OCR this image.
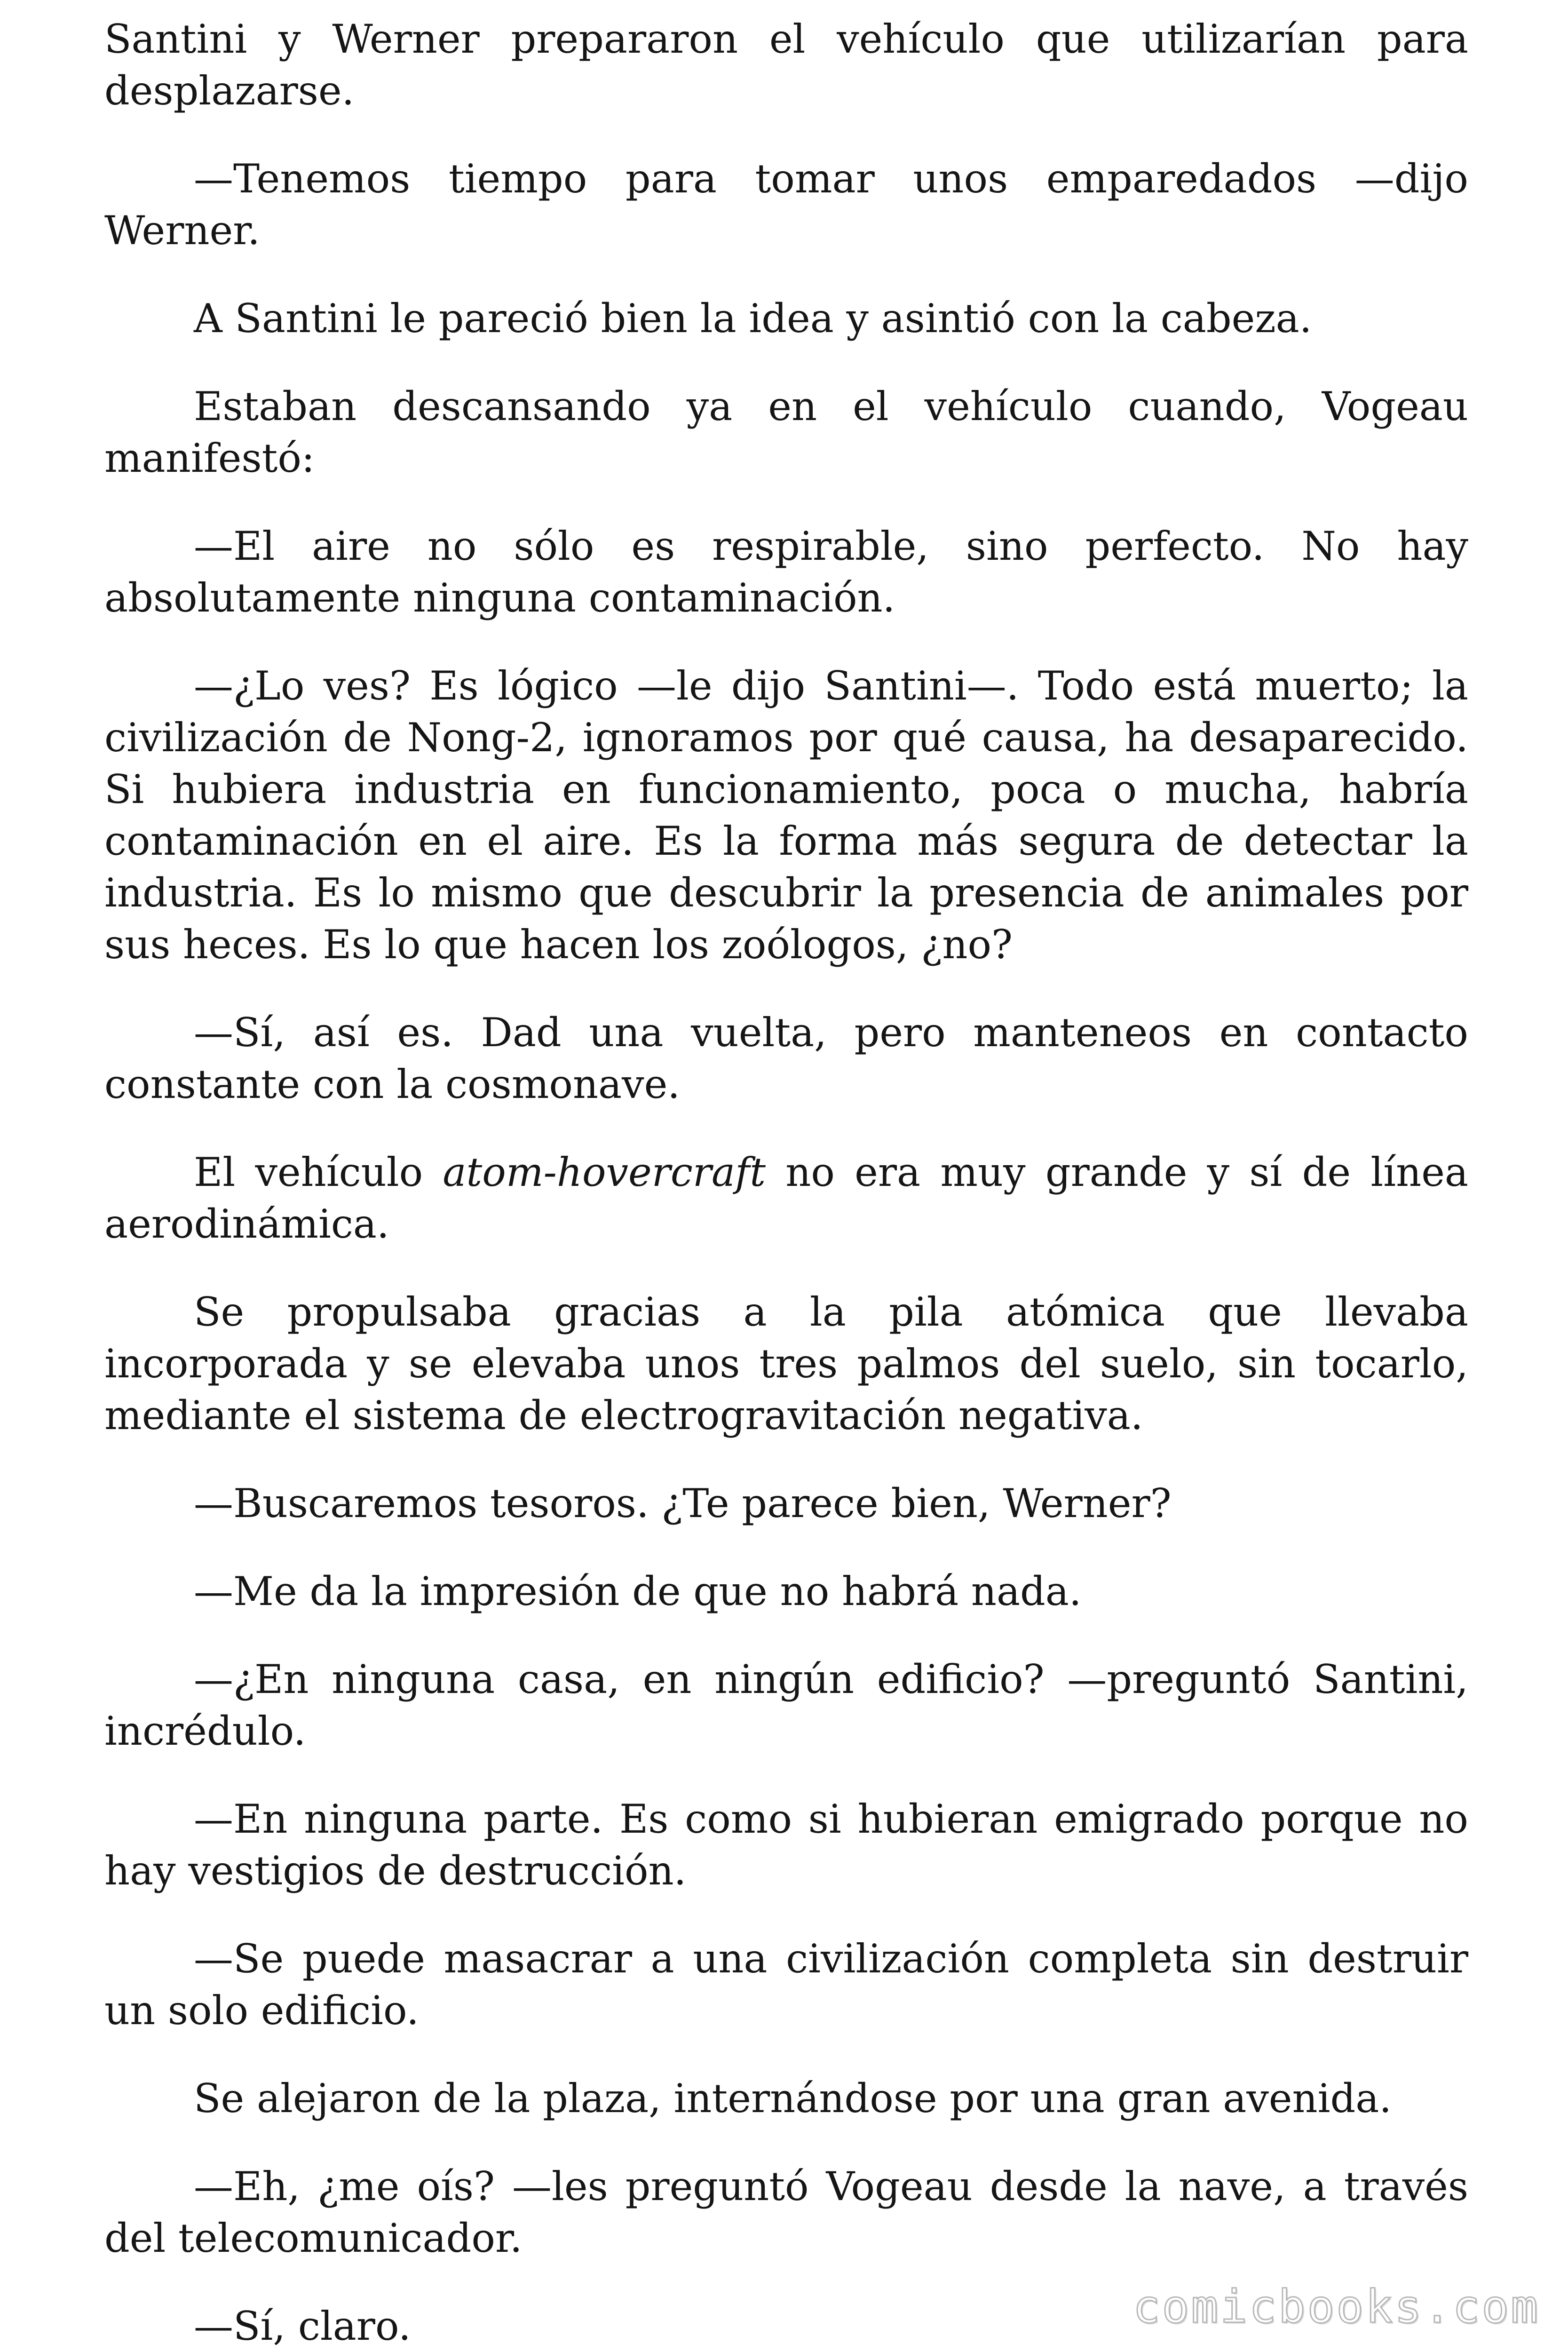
Santini y Werner prepararon el vehículo que utilizarían para desplazarse.

—Tenemos tiempo para tomar unos emparedados —dijo Werner.

A Santini le pareció bien la idea y asintió con la cabeza.

Estaban descansando ya en el vehículo cuando, Vogeau manifestó:

—El aire no sólo es respirable, sino perfecto. No hay absolutamente ninguna contaminación.

—¿Lo ves? Es lógico —le dijo Santini—. Todo está muerto; la civilización de Nong-2, ignoramos por qué causa, ha desaparecido. Si hubiera industria en funcionamiento, poca o mucha, habría contaminación en el aire. Es la forma más segura de detectar la industria. Es lo mismo que descubrir la presencia de animales por sus heces. Es lo que hacen los zoólogos, ¿no?

—Sí, así es. Dad una vuelta, pero manteneos en contacto constante con la cosmonave.

El vehículo atom-hovercraft no era muy grande y sí de línea aerodinámica.

Se propulsaba gracias a la pila atómica que llevaba incorporada y se elevaba unos tres palmos del suelo, sin tocarlo, mediante el sistema de electrogravitación negativa.

—Buscaremos tesoros. ¿Te parece bien, Werner?

—Me da la impresión de que no habrá nada.

—¿En ninguna casa, en ningún edificio? —preguntó Santini, incrédulo.

—En ninguna parte. Es como si hubieran emigrado porque no hay vestigios de destrucción.

—Se puede masacrar a una civilización completa sin destruir un solo edificio.

Se alejaron de la plaza, internándose por una gran avenida.

—Eh, ¿me oís? —les preguntó Vogeau desde la nave, a través del telecomunicador.

—Sí, claro.	comicbooks.com
